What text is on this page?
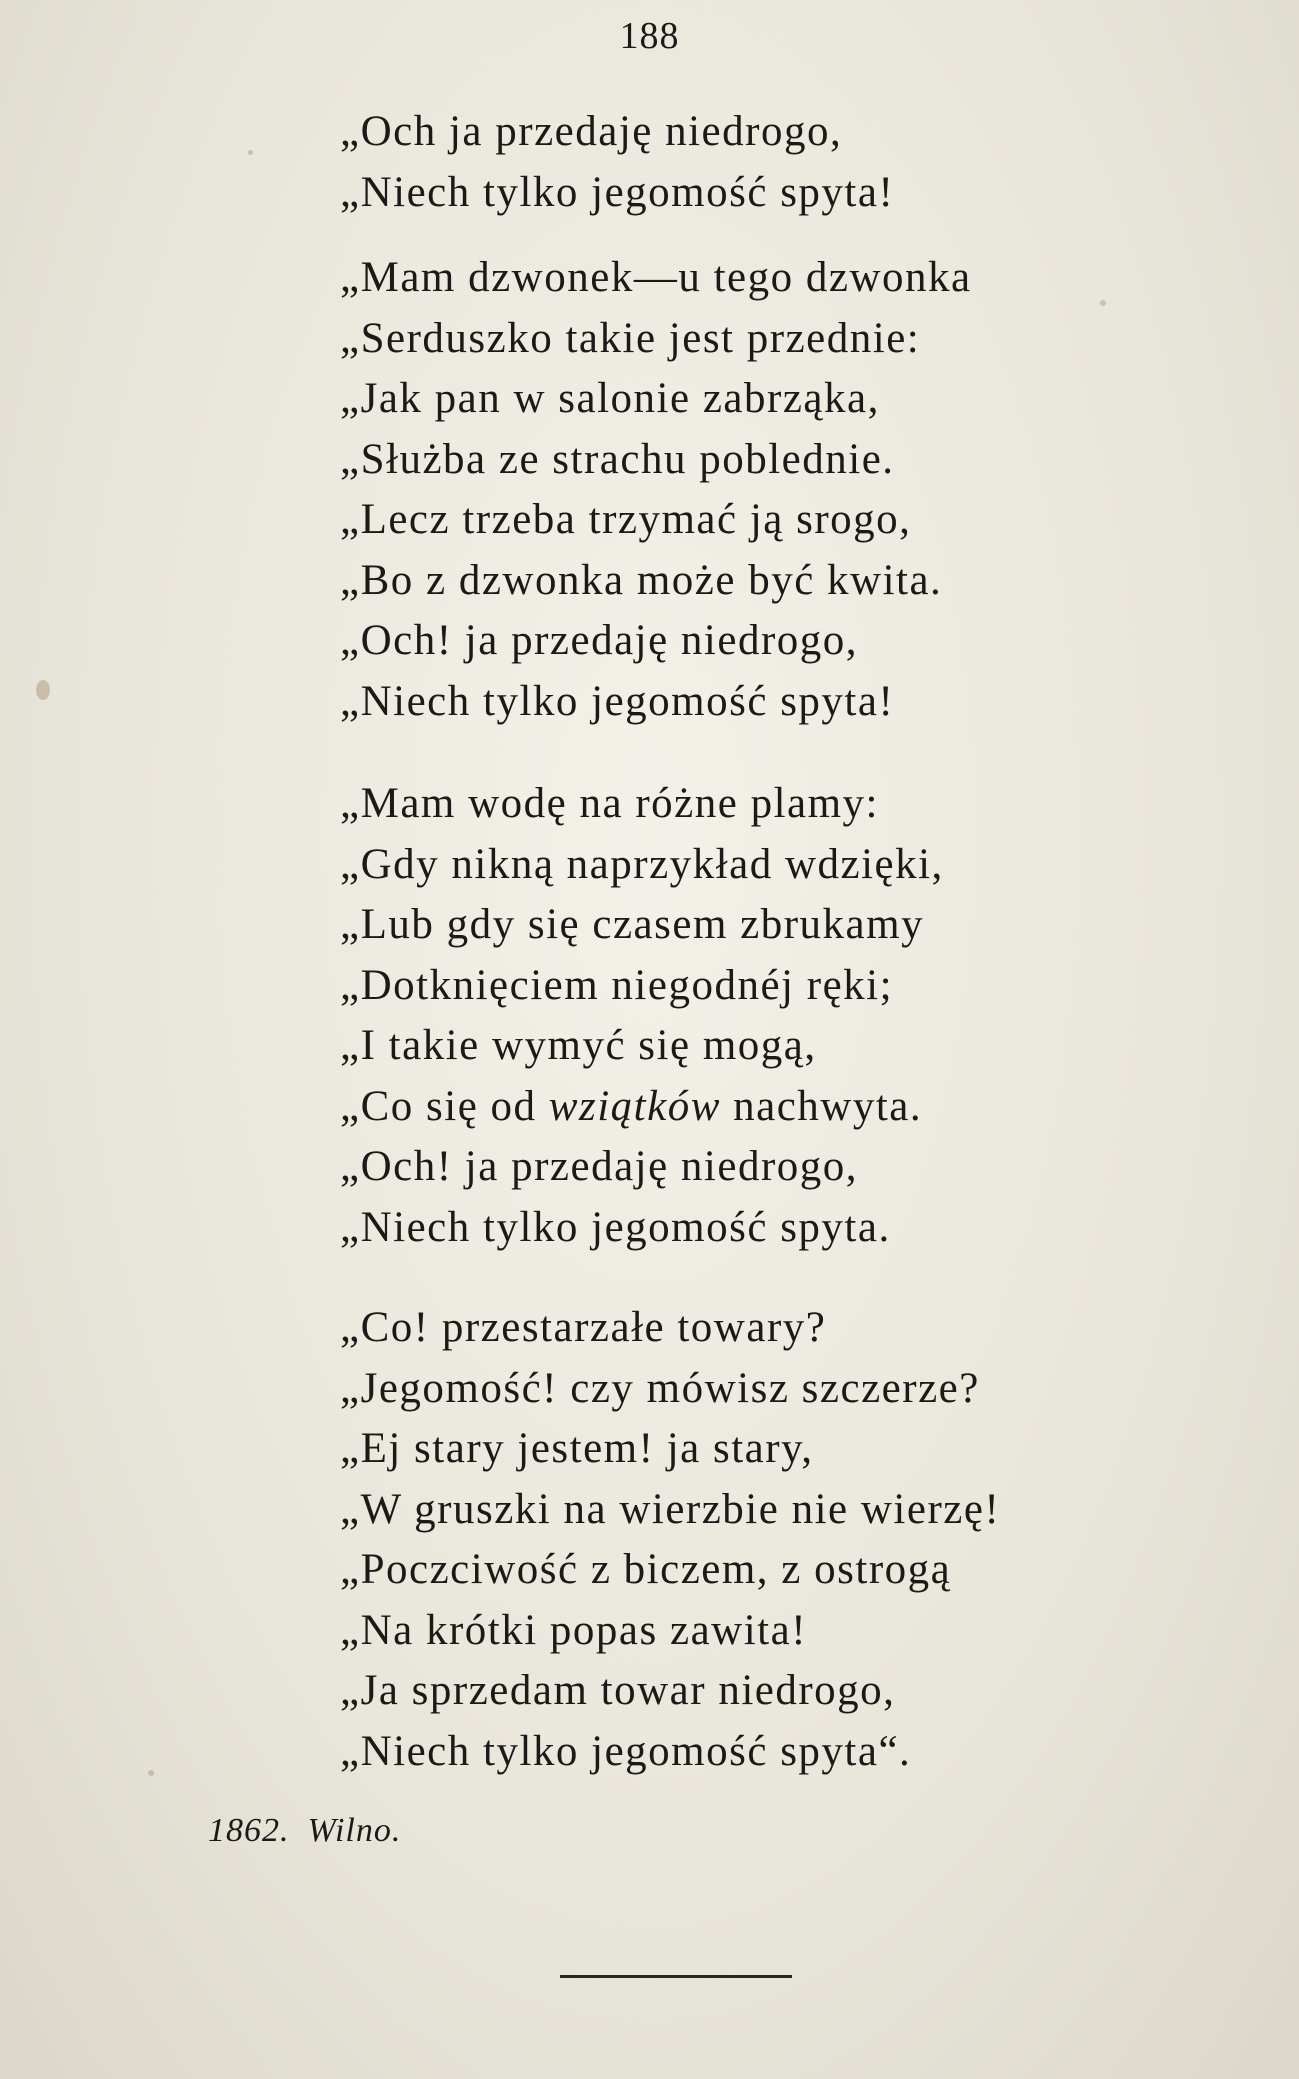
188
„Och ja przedaję niedrogo,
„Niech tylko jegomość spyta!
„Mam dzwonek—u tego dzwonka
„Serduszko takie jest przednie:
„Jak pan w salonie zabrząka,
„Służba ze strachu pobledniе.
„Lecz trzeba trzymać ją srogo,
„Bo z dzwonka może być kwita.
„Och! ja przedaję niedrogo,
„Niech tylko jegomość spyta!
„Mam wodę na różne plamy:
„Gdy nikną naprzykład wdzięki,
„Lub gdy się czasem zbrukamy
„Dotknięciem niegodnéj ręki;
„I takie wymyć się mogą,
„Co się od wziątków nachwyta.
„Och! ja przedaję niedrogo,
„Niech tylko jegomość spyta.
„Co! przestarzałe towary?
„Jegomość! czy mówisz szczerze?
„Ej stary jestem! ja stary,
„W gruszki na wierzbie nie wierzę!
„Poczciwość z biczem, z ostrogą
„Na krótki popas zawita!
„Ja sprzedam towar niedrogo,
„Niech tylko jegomość spyta“.
1862. Wilno.
